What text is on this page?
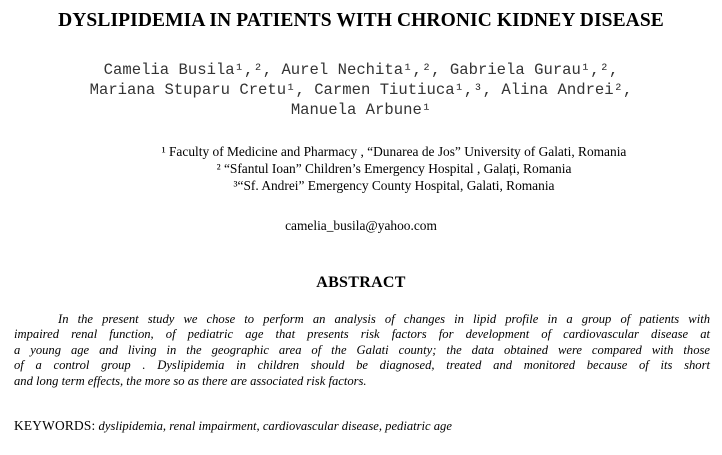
DYSLIPIDEMIA IN PATIENTS WITH CHRONIC KIDNEY DISEASE
Camelia Busila¹,², Aurel Nechita¹,², Gabriela Gurau¹,²,
Mariana Stuparu Cretu¹, Carmen Tiutiuca¹,³, Alina Andrei²,
Manuela Arbune¹
¹ Faculty of Medicine and Pharmacy , “Dunarea de Jos” University of Galati, Romania
² “Sfantul Ioan” Children’s Emergency Hospital , Galați, Romania
³“Sf. Andrei” Emergency County Hospital, Galati, Romania
camelia_busila@yahoo.com
ABSTRACT
In the present study we chose to perform an analysis of changes in lipid profile in a group of patients with
impaired renal function, of pediatric age that presents risk factors for development of cardiovascular disease at
a young age and living in the geographic area of the Galati county; the data obtained were compared with those
of a control group . Dyslipidemia in children should be diagnosed, treated and monitored because of its short
and long term effects, the more so as there are associated risk factors.
KEYWORDS: dyslipidemia, renal impairment, cardiovascular disease, pediatric age
